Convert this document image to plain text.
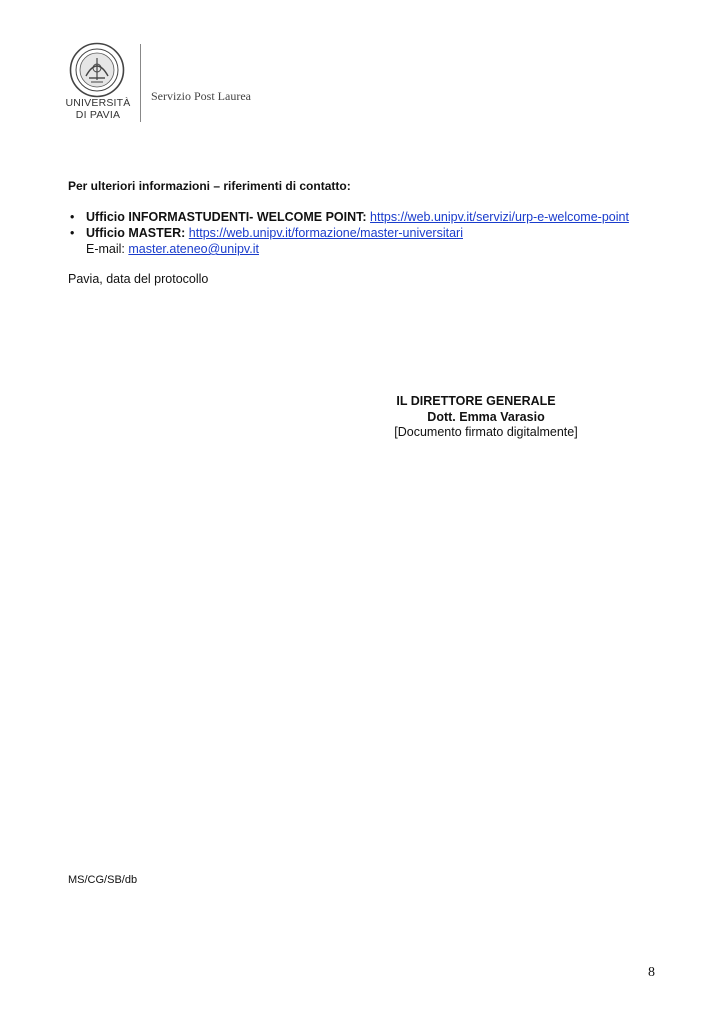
UNIVERSITÀ
DI PAVIA
Servizio Post Laurea
Per ulteriori informazioni – riferimenti di contatto:
• Ufficio INFORMASTUDENTI- WELCOME POINT: https://web.unipv.it/servizi/urp-e-welcome-point
• Ufficio MASTER: https://web.unipv.it/formazione/master-universitari
E-mail: master.ateneo@unipv.it
Pavia, data del protocollo
IL DIRETTORE GENERALE
Dott. Emma Varasio
[Documento firmato digitalmente]
MS/CG/SB/db
8
